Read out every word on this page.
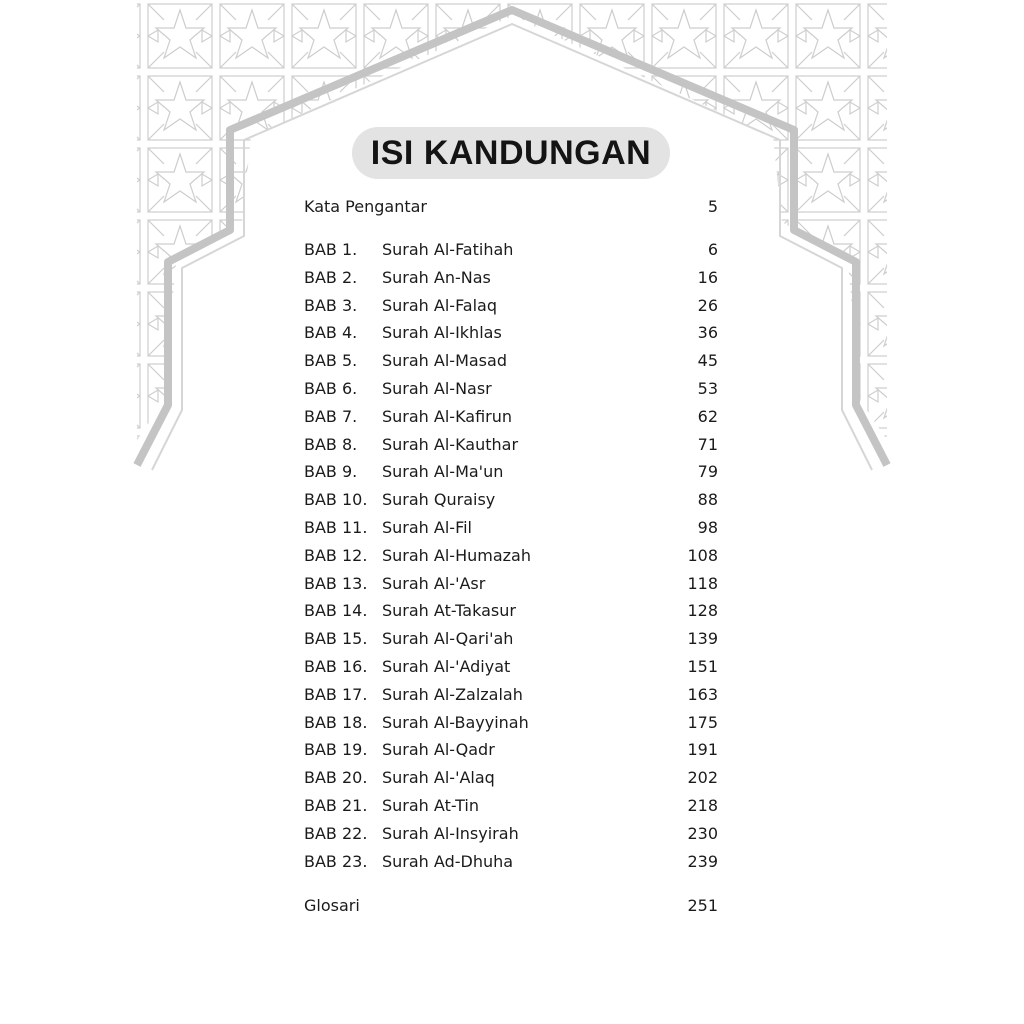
ISI KANDUNGAN
Kata Pengantar	5
BAB 1. Surah Al-Fatihah	6
BAB 2. Surah An-Nas	16
BAB 3. Surah Al-Falaq	26
BAB 4. Surah Al-Ikhlas	36
BAB 5. Surah Al-Masad	45
BAB 6. Surah Al-Nasr	53
BAB 7. Surah Al-Kafirun	62
BAB 8. Surah Al-Kauthar	71
BAB 9. Surah Al-Ma'un	79
BAB 10. Surah Quraisy	88
BAB 11. Surah Al-Fil	98
BAB 12. Surah Al-Humazah	108
BAB 13. Surah Al-'Asr	118
BAB 14. Surah At-Takasur	128
BAB 15. Surah Al-Qari'ah	139
BAB 16. Surah Al-'Adiyat	151
BAB 17. Surah Al-Zalzalah	163
BAB 18. Surah Al-Bayyinah	175
BAB 19. Surah Al-Qadr	191
BAB 20. Surah Al-'Alaq	202
BAB 21. Surah At-Tin	218
BAB 22. Surah Al-Insyirah	230
BAB 23. Surah Ad-Dhuha	239
Glosari	251
